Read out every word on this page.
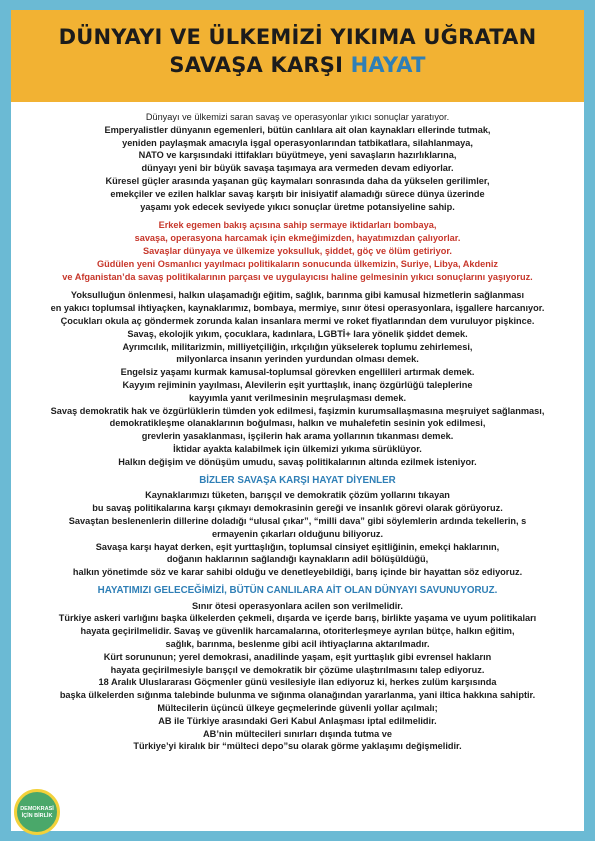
DÜNYAYI VE ÜLKEMİZİ YIKIMA UĞRATAN
SAVAŞA KARŞI HAYAT
Dünyayı ve ülkemizi saran savaş ve operasyonlar yıkıcı sonuçlar yaratıyor.
Emperyalistler dünyanın egemenleri, bütün canlılara ait olan kaynakları ellerinde tutmak,
yeniden paylaşmak amacıyla işgal operasyonlarından tatbikatlara, silahlanmaya,
NATO ve karşısındaki ittifakları büyütmeye, yeni savaşların hazırlıklarına,
dünyayı yeni bir büyük savaşa taşımaya ara vermeden devam ediyorlar.
Küresel güçler arasında yaşanan güç kaymaları sonrasında daha da yükselen gerilimler,
emekçiler ve ezilen halklar savaş karşıtı bir inisiyatif alamadığı sürece dünya üzerinde
yaşamı yok edecek seviyede yıkıcı sonuçlar üretme potansiyeline sahip.
Erkek egemen bakış açısına sahip sermaye iktidarları bombaya,
savaşa, operasyona harcamak için ekmeğimizden, hayatımızdan çalıyorlar.
Savaşlar dünyaya ve ülkemize yoksulluk, şiddet, göç ve ölüm getiriyor.
Güdülen yeni Osmanlıcı yayılmacı politikaların sonucunda ülkemizin, Suriye, Libya, Akdeniz
ve Afganistan’da savaş politikalarının parçası ve uygulayıcısı haline gelmesinin yıkıcı sonuçlarını yaşıyoruz.
Yoksulluğun önlenmesi, halkın ulaşamadığı eğitim, sağlık, barınma gibi kamusal hizmetlerin sağlanması
en yakıcı toplumsal ihtiyaçken, kaynaklarımız, bombaya, mermiye, sınır ötesi operasyonlara, işgallere harcanıyor.
Çocukları okula aç göndermek zorunda kalan insanlara mermi ve roket fiyatlarından dem vuruluyor pişkince.
Savaş, ekolojik yıkım, çocuklara, kadınlara, LGBTİ+ lara yönelik şiddet demek.
Ayrımcılık, militarizmin, milliyetçiliğin, ırkçılığın yükselerek toplumu zehirlemesi,
milyonlarca insanın yerinden yurdundan olması demek.
Engelsiz yaşamı kurmak kamusal-toplumsal görevken engellileri artırmak demek.
Kayyım rejiminin yayılması, Alevilerin eşit yurttaşlık, inanç özgürlüğü taleplerine
kayyımla yanıt verilmesinin meşrulaşması demek.
Savaş demokratik hak ve özgürlüklerin tümden yok edilmesi, faşizmin kurumsallaşmasına meşruiyet sağlanması,
demokratikleşme olanaklarının boğulması, halkın ve muhalefetin sesinin yok edilmesi,
grevlerin yasaklanması, işçilerin hak arama yollarının tıkanması demek.
İktidar ayakta kalabilmek için ülkemizi yıkıma sürüklüyor.
Halkın değişim ve dönüşüm umudu, savaş politikalarının altında ezilmek isteniyor.
BİZLER SAVAŞA KARŞI HAYAT DİYENLER
Kaynaklarımızı tüketen, barışçıl ve demokratik çözüm yollarını tıkayan
bu savaş politikalarına karşı çıkmayı demokrasinin gereği ve insanlık görevi olarak görüyoruz.
Savaştan beslenenlerin dillerine doladığı “ulusal çıkar”, “milli dava” gibi söylemlerin ardında tekellerin, s
ermayenin çıkarları olduğunu biliyoruz.
Savaşa karşı hayat derken, eşit yurttaşlığın, toplumsal cinsiyet eşitliğinin, emekçi haklarının,
doğanın haklarının sağlandığı kaynakların adil bölüşüldüğü,
halkın yönetimde söz ve karar sahibi olduğu ve denetleyebildiği, barış içinde bir hayattan söz ediyoruz.
HAYATIMIZI GELECEĞİMİZİ, BÜTÜN CANLILARA AİT OLAN DÜNYAYI SAVUNUYORUZ.
Sınır ötesi operasyonlara acilen son verilmelidir.
Türkiye askeri varlığını başka ülkelerden çekmeli, dışarda ve içerde barış, birlikte yaşama ve uyum politikaları
hayata geçirilmelidir. Savaş ve güvenlik harcamalarına, otoriterleşmeye ayrılan bütçe, halkın eğitim,
sağlık, barınma, beslenme gibi acil ihtiyaçlarına aktarılmadır.
Kürt sorununun; yerel demokrasi, anadilinde yaşam, eşit yurttaşlık gibi evrensel hakların
hayata geçirilmesiyle barışçıl ve demokratik bir çözüme ulaştırılmasını talep ediyoruz.
18 Aralık Uluslararası Göçmenler günü vesilesiyle ilan ediyoruz ki, herkes zulüm karşısında
başka ülkelerden sığınma talebinde bulunma ve sığınma olanağından yararlanma, yani iltica hakkına sahiptir.
Mültecilerin üçüncü ülkeye geçmelerinde güvenli yollar açılmalı;
AB ile Türkiye arasındaki Geri Kabul Anlaşması iptal edilmelidir.
AB’nin mültecileri sınırları dışında tutma ve
Türkiye’yi kiralık bir “mülteci depo”su olarak görme yaklaşımı değişmelidir.
DEMOKRASİ
İÇİN BİRLİK
